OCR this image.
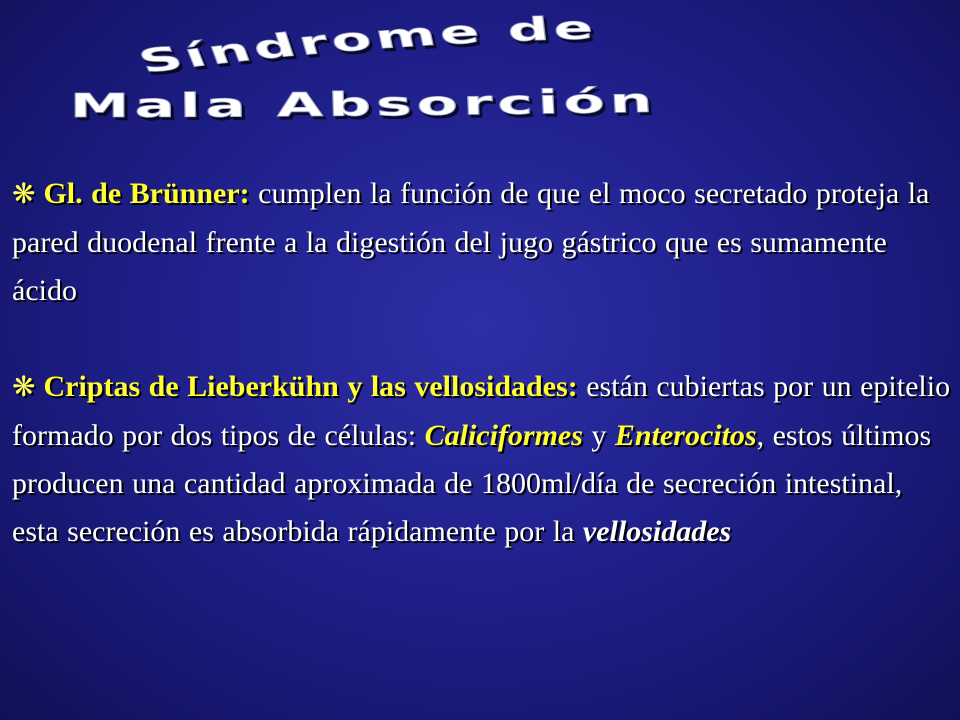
Síndrome de
Mala Absorción

❋ Gl. de Brünner: cumplen la función de que el moco secretado proteja la pared duodenal frente a la digestión del jugo gástrico que es sumamente ácido

❋ Criptas de Lieberkühn y las vellosidades: están cubiertas por un epitelio formado por dos tipos de células: Caliciformes y Enterocitos, estos últimos producen una cantidad aproximada de 1800ml/día de secreción intestinal, esta secreción es absorbida rápidamente por la vellosidades
